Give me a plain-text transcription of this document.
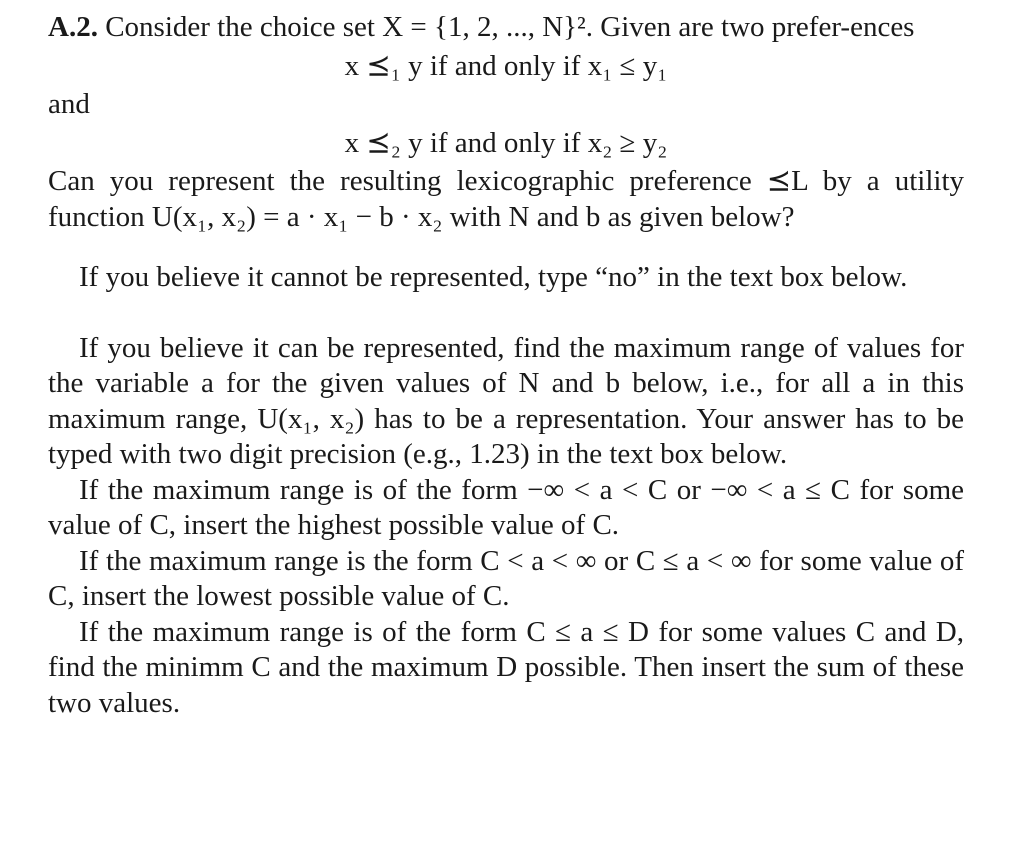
A.2. Consider the choice set X = {1, 2, ..., N}². Given are two prefer-ences

x ⪯₁ y if and only if x₁ ≤ y₁

and

x ⪯₂ y if and only if x₂ ≥ y₂

Can you represent the resulting lexicographic preference ⪯L by a utility function U(x₁, x₂) = a · x₁ − b · x₂ with N and b as given below?

If you believe it cannot be represented, type “no” in the text box below.

If you believe it can be represented, find the maximum range of values for the variable a for the given values of N and b below, i.e., for all a in this maximum range, U(x₁, x₂) has to be a representation. Your answer has to be typed with two digit precision (e.g., 1.23) in the text box below.

If the maximum range is of the form −∞ < a < C or −∞ < a ≤ C for some value of C, insert the highest possible value of C.

If the maximum range is the form C < a < ∞ or C ≤ a < ∞ for some value of C, insert the lowest possible value of C.

If the maximum range is of the form C ≤ a ≤ D for some values C and D, find the minimm C and the maximum D possible. Then insert the sum of these two values.
